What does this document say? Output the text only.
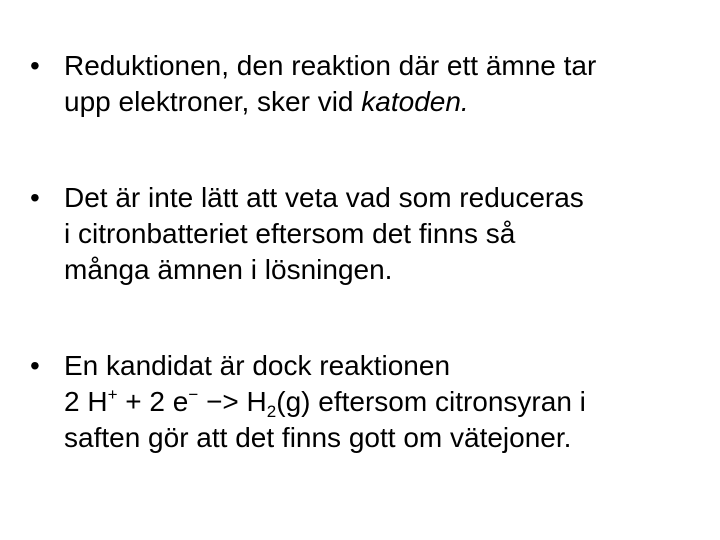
• Reduktionen, den reaktion där ett ämne tar
upp elektroner, sker vid katoden.
• Det är inte lätt att veta vad som reduceras
i citronbatteriet eftersom det finns så
många ämnen i lösningen.
• En kandidat är dock reaktionen
2 H+ + 2 $e^- -> H_2(g)$ eftersom citronsyran i
saften gör att det finns gott om vätejoner.
